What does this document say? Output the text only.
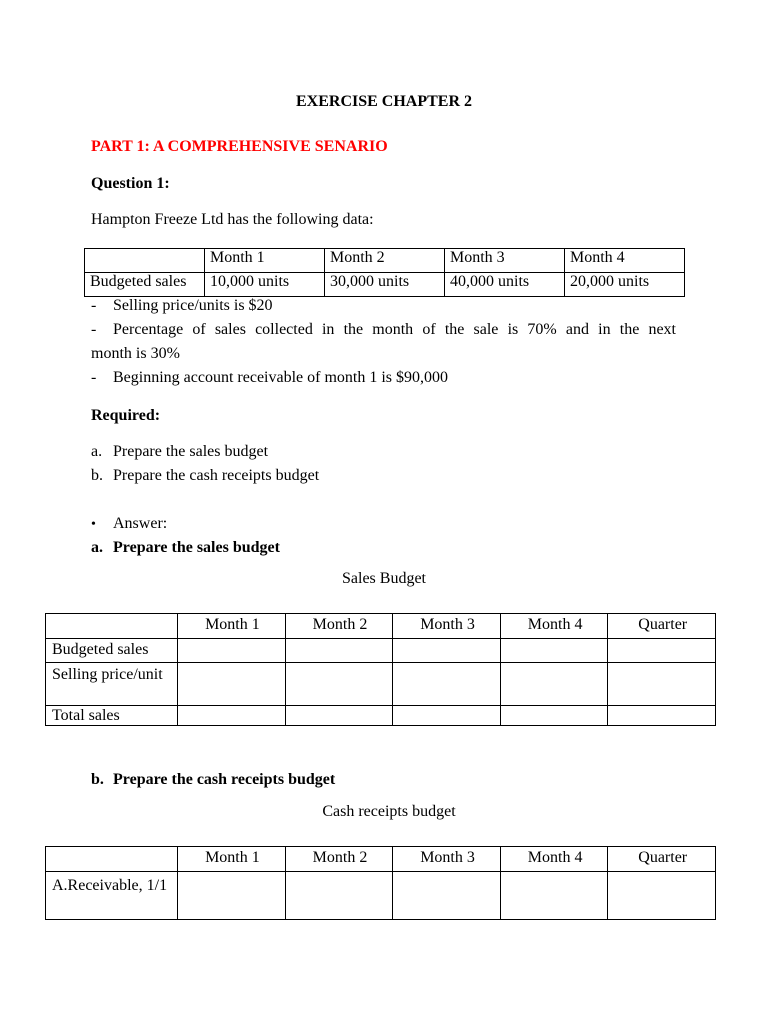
EXERCISE CHAPTER 2
PART 1: A COMPREHENSIVE SENARIO
Question 1:
Hampton Freeze Ltd has the following data:
	Month 1	Month 2	Month 3	Month 4
Budgeted sales	10,000 units	30,000 units	40,000 units	20,000 units
- Selling price/units is $20
- Percentage of sales collected in the month of the sale is 70% and in the next
month is 30%
- Beginning account receivable of month 1 is $90,000
Required:
a. Prepare the sales budget
b. Prepare the cash receipts budget
• Answer:
a. Prepare the sales budget
Sales Budget
	Month 1	Month 2	Month 3	Month 4	Quarter
Budgeted sales					
Selling price/unit					
Total sales					
b. Prepare the cash receipts budget
Cash receipts budget
	Month 1	Month 2	Month 3	Month 4	Quarter
A.Receivable, 1/1					
